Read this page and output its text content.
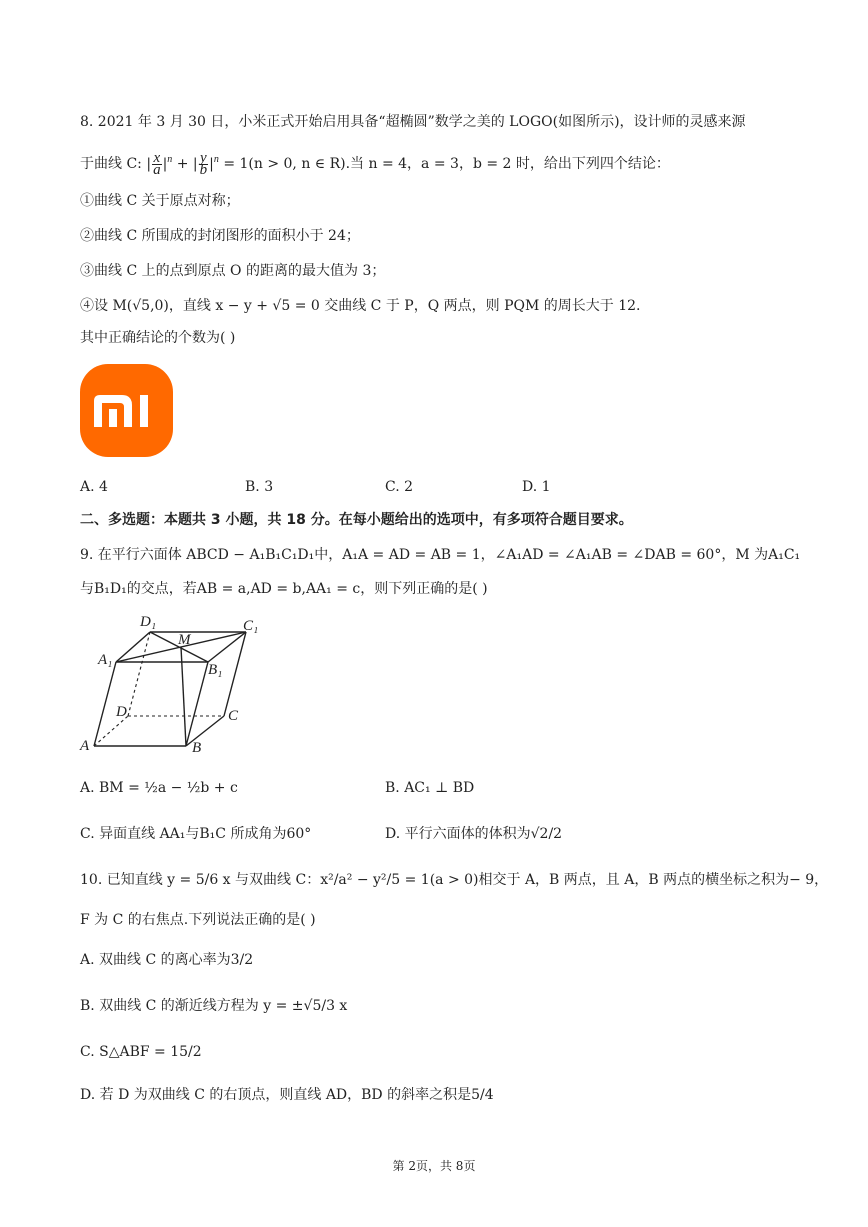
8. 2021 年 3 月 30 日，小米正式开始启用具备“超椭圆”数学之美的 LOGO(如图所示)，设计师的灵感来源
于曲线 C: | $\frac{x}{a} |^n$ + | $\frac{y}{b} |^n = 1(n > 0$, n ∈ R).当 n = 4，a = 3，b = 2 时，给出下列四个结论：
①曲线 C 关于原点对称；
②曲线 C 所围成的封闭图形的面积小于 24；
③曲线 C 上的点到原点 O 的距离的最大值为 3；
④设 M(√5,0)，直线 x − y + √5 = 0 交曲线 C 于 P，Q 两点，则 PQM 的周长大于 12.
其中正确结论的个数为( )
A. 4	B. 3	C. 2	D. 1
二、多选题：本题共 3 小题，共 18 分。在每小题给出的选项中，有多项符合题目要求。
9. 在平行六面体 ABCD − A₁B₁C₁D₁中，A₁A = AD = AB = 1，∠A₁AD = ∠A₁AB = ∠DAB = 60°，M 为A₁C₁
与B₁D₁的交点，若AB = a,AD = b,AA₁ = c，则下列正确的是( )
D₁	C₁
M
A₁
B₁
D	C
A	B
A. BM = ½a − ½b + c	B. AC₁ ⊥ BD
C. 异面直线 AA₁与B₁C 所成角为60°	D. 平行六面体的体积为√2/2
10. 已知直线 y = 5/6 x 与双曲线 C：x²/a² − y²/5 = 1(a > 0)相交于 A，B 两点，且 A，B 两点的横坐标之积为− 9，
F 为 C 的右焦点.下列说法正确的是( )
A. 双曲线 C 的离心率为3/2
B. 双曲线 C 的渐近线方程为 y = ±√5/3 x
C. S△ABF = 15/2
D. 若 D 为双曲线 C 的右顶点，则直线 AD，BD 的斜率之积是5/4
第 2页，共 8页
